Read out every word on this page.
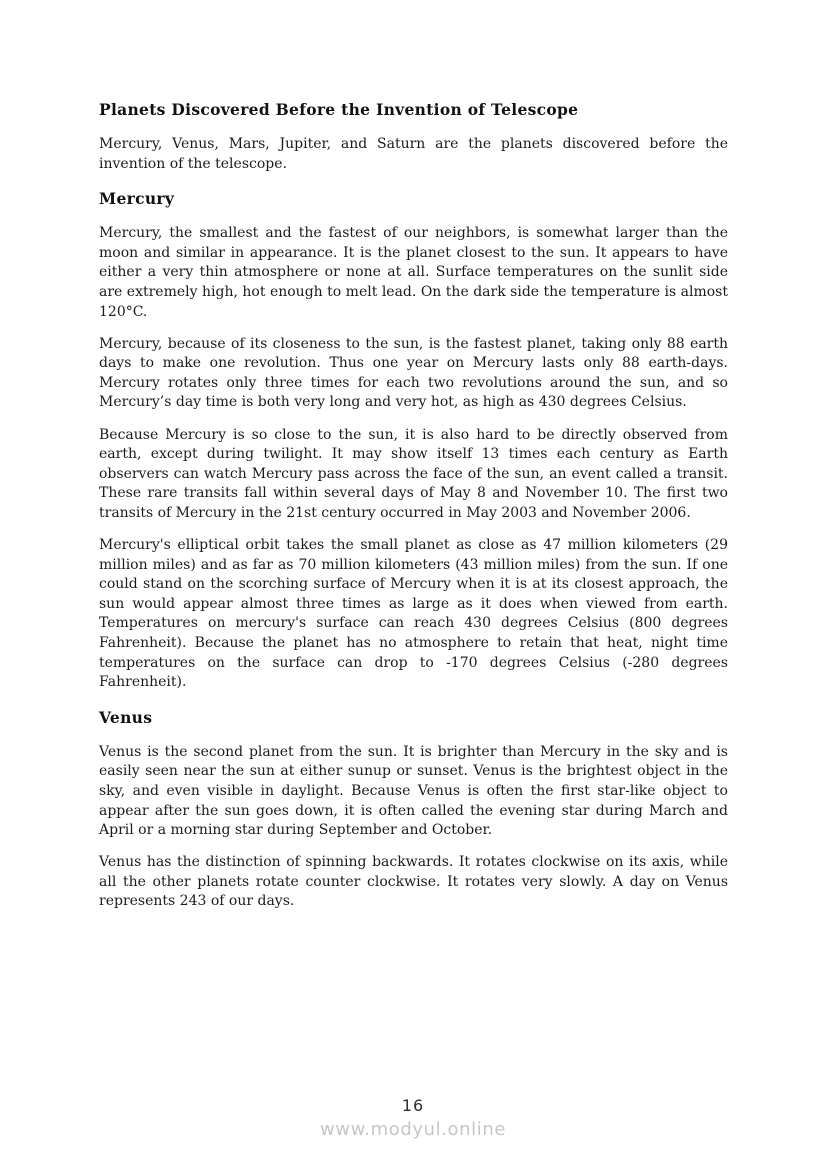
Planets Discovered Before the Invention of Telescope

Mercury, Venus, Mars, Jupiter, and Saturn are the planets discovered before the invention of the telescope.

Mercury

Mercury, the smallest and the fastest of our neighbors, is somewhat larger than the moon and similar in appearance. It is the planet closest to the sun. It appears to have either a very thin atmosphere or none at all. Surface temperatures on the sunlit side are extremely high, hot enough to melt lead. On the dark side the temperature is almost 120°C.

Mercury, because of its closeness to the sun, is the fastest planet, taking only 88 earth days to make one revolution. Thus one year on Mercury lasts only 88 earth-days. Mercury rotates only three times for each two revolutions around the sun, and so Mercury’s day time is both very long and very hot, as high as 430 degrees Celsius.

Because Mercury is so close to the sun, it is also hard to be directly observed from earth, except during twilight. It may show itself 13 times each century as Earth observers can watch Mercury pass across the face of the sun, an event called a transit. These rare transits fall within several days of May 8 and November 10. The first two transits of Mercury in the 21st century occurred in May 2003 and November 2006.

Mercury's elliptical orbit takes the small planet as close as 47 million kilometers (29 million miles) and as far as 70 million kilometers (43 million miles) from the sun. If one could stand on the scorching surface of Mercury when it is at its closest approach, the sun would appear almost three times as large as it does when viewed from earth. Temperatures on mercury's surface can reach 430 degrees Celsius (800 degrees Fahrenheit). Because the planet has no atmosphere to retain that heat, night time temperatures on the surface can drop to -170 degrees Celsius (-280 degrees Fahrenheit).

Venus

Venus is the second planet from the sun. It is brighter than Mercury in the sky and is easily seen near the sun at either sunup or sunset. Venus is the brightest object in the sky, and even visible in daylight. Because Venus is often the first star-like object to appear after the sun goes down, it is often called the evening star during March and April or a morning star during September and October.

Venus has the distinction of spinning backwards. It rotates clockwise on its axis, while all the other planets rotate counter clockwise. It rotates very slowly. A day on Venus represents 243 of our days.

16
www.modyul.online
